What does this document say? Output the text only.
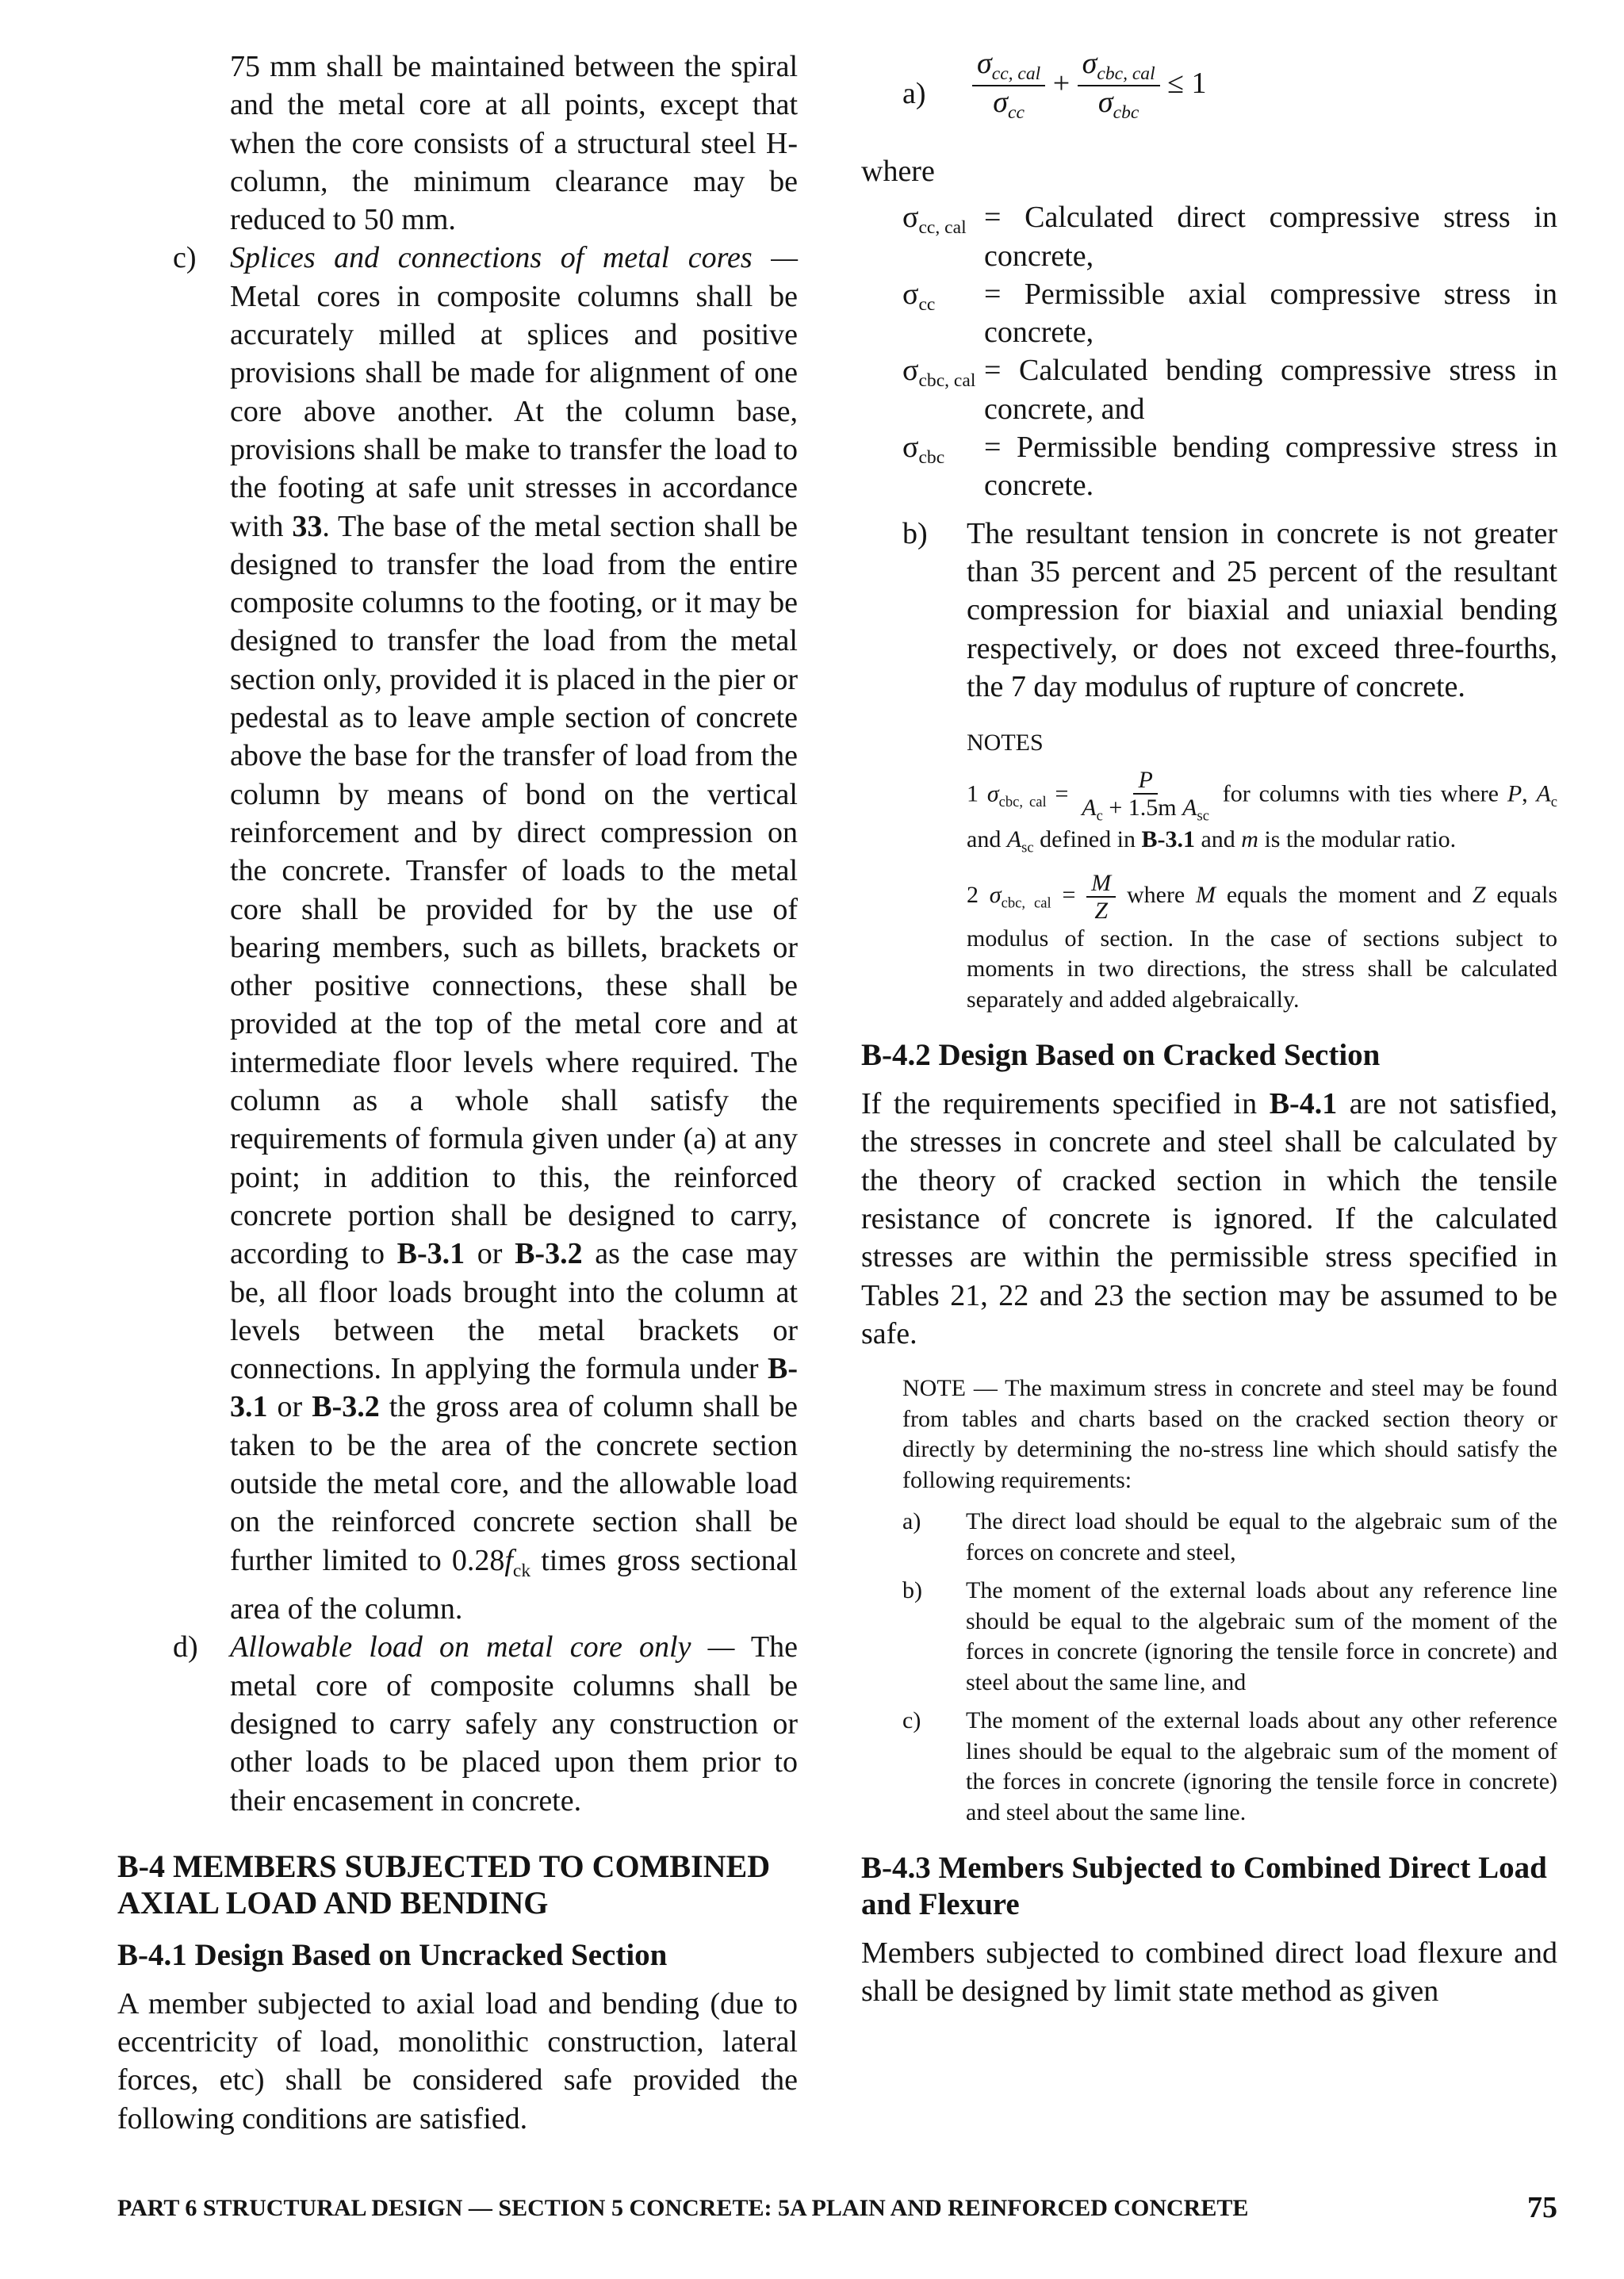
75 mm shall be maintained between the spiral and the metal core at all points, except that when the core consists of a structural steel H-column, the minimum clearance may be reduced to 50 mm.

c) Splices and connections of metal cores — Metal cores in composite columns shall be accurately milled at splices and positive provisions shall be made for alignment of one core above another. At the column base, provisions shall be make to transfer the load to the footing at safe unit stresses in accordance with 33. The base of the metal section shall be designed to transfer the load from the entire composite columns to the footing, or it may be designed to transfer the load from the metal section only, provided it is placed in the pier or pedestal as to leave ample section of concrete above the base for the transfer of load from the column by means of bond on the vertical reinforcement and by direct compression on the concrete. Transfer of loads to the metal core shall be provided for by the use of bearing members, such as billets, brackets or other positive connections, these shall be provided at the top of the metal core and at intermediate floor levels where required. The column as a whole shall satisfy the requirements of formula given under (a) at any point; in addition to this, the reinforced concrete portion shall be designed to carry, according to B-3.1 or B-3.2 as the case may be, all floor loads brought into the column at levels between the metal brackets or connections. In applying the formula under B-3.1 or B-3.2 the gross area of column shall be taken to be the area of the concrete section outside the metal core, and the allowable load on the reinforced concrete section shall be further limited to $0.28f_{ck}$ times gross sectional area of the column.

d) Allowable load on metal core only — The metal core of composite columns shall be designed to carry safely any construction or other loads to be placed upon them prior to their encasement in concrete.

B-4 MEMBERS SUBJECTED TO COMBINED AXIAL LOAD AND BENDING

B-4.1 Design Based on Uncracked Section

A member subjected to axial load and bending (due to eccentricity of load, monolithic construction, lateral forces, etc) shall be considered safe provided the following conditions are satisfied.

$a) \frac{\sigma_{cc, cal}}{\sigma_{cc}} + \frac{\sigma_{cbc, cal}}{\sigma_{cbc}} \le 1$

where

$\sigma_{cc, cal}$ = Calculated direct compressive stress in concrete,
$\sigma_{cc}$ = Permissible axial compressive stress in concrete,
$\sigma_{cbc, cal}$ = Calculated bending compressive stress in concrete, and
$\sigma_{cbc}$ = Permissible bending compressive stress in concrete.

b) The resultant tension in concrete is not greater than 35 percent and 25 percent of the resultant compression for biaxial and uniaxial bending respectively, or does not exceed three-fourths, the 7 day modulus of rupture of concrete.

NOTES

1 $\sigma_{cbc, cal} = \frac{P}{A_c + 1.5m A_{sc}}$ for columns with ties where P, $A_c$ and $A_{sc}$ defined in B-3.1 and m is the modular ratio.

2 $\sigma_{cbc, cal} = \frac{M}{Z}$ where M equals the moment and Z equals modulus of section. In the case of sections subject to moments in two directions, the stress shall be calculated separately and added algebraically.

B-4.2 Design Based on Cracked Section

If the requirements specified in B-4.1 are not satisfied, the stresses in concrete and steel shall be calculated by the theory of cracked section in which the tensile resistance of concrete is ignored. If the calculated stresses are within the permissible stress specified in Tables 21, 22 and 23 the section may be assumed to be safe.

NOTE — The maximum stress in concrete and steel may be found from tables and charts based on the cracked section theory or directly by determining the no-stress line which should satisfy the following requirements:

a) The direct load should be equal to the algebraic sum of the forces on concrete and steel,

b) The moment of the external loads about any reference line should be equal to the algebraic sum of the moment of the forces in concrete (ignoring the tensile force in concrete) and steel about the same line, and

c) The moment of the external loads about any other reference lines should be equal to the algebraic sum of the moment of the forces in concrete (ignoring the tensile force in concrete) and steel about the same line.

B-4.3 Members Subjected to Combined Direct Load and Flexure

Members subjected to combined direct load flexure and shall be designed by limit state method as given

PART 6 STRUCTURAL DESIGN — SECTION 5 CONCRETE: 5A PLAIN AND REINFORCED CONCRETE	75
